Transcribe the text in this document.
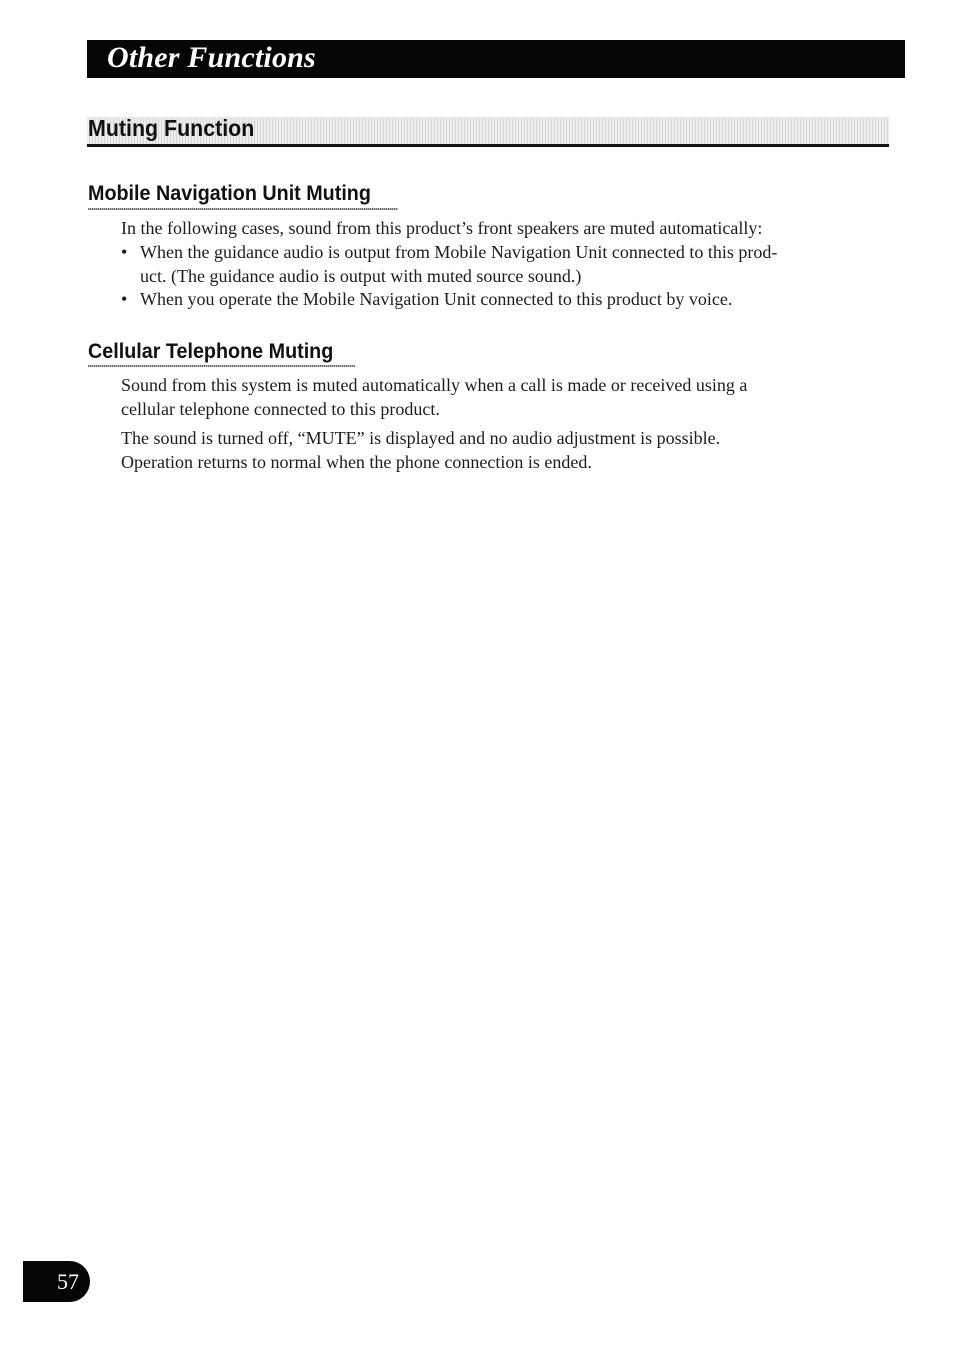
Other Functions
Muting Function
Mobile Navigation Unit Muting

In the following cases, sound from this product’s front speakers are muted automatically:

• When the guidance audio is output from Mobile Navigation Unit connected to this prod-

uct. (The guidance audio is output with muted source sound.)

• When you operate the Mobile Navigation Unit connected to this product by voice.

Cellular Telephone Muting

Sound from this system is muted automatically when a call is made or received using a

cellular telephone connected to this product.

The sound is turned off, “MUTE” is displayed and no audio adjustment is possible.

Operation returns to normal when the phone connection is ended.

57
